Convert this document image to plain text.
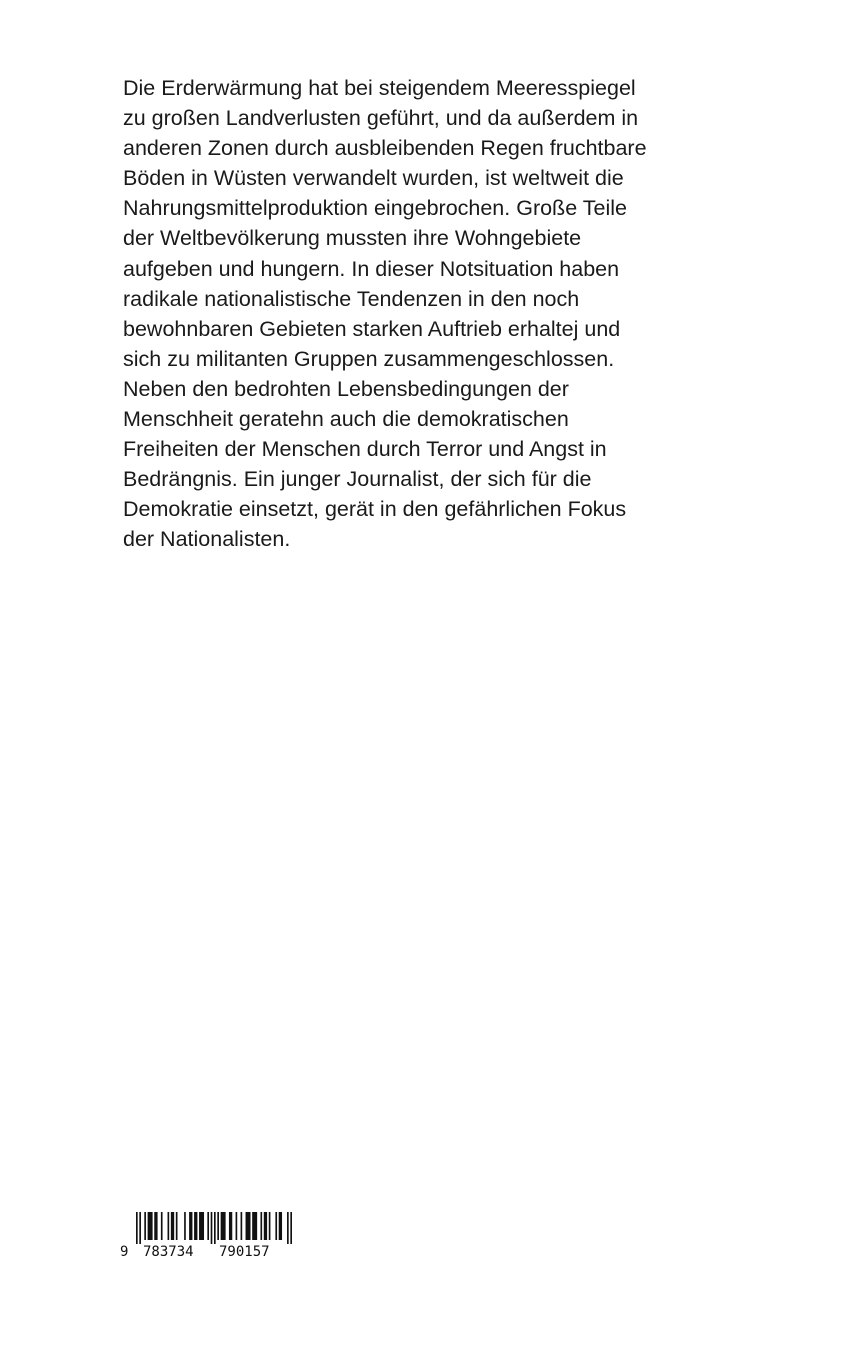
Die Erderwärmung hat bei steigendem Meeresspiegel
zu großen Landverlusten geführt, und da außerdem in
anderen Zonen durch ausbleibenden Regen fruchtbare
Böden in Wüsten verwandelt wurden, ist weltweit die
Nahrungsmittelproduktion eingebrochen. Große Teile
der Weltbevölkerung mussten ihre Wohngebiete
aufgeben und hungern. In dieser Notsituation haben
radikale nationalistische Tendenzen in den noch
bewohnbaren Gebieten starken Auftrieb erhaltej und
sich zu militanten Gruppen zusammengeschlossen.
Neben den bedrohten Lebensbedingungen der
Menschheit geratehn auch die demokratischen
Freiheiten der Menschen durch Terror und Angst in
Bedrängnis. Ein junger Journalist, der sich für die
Demokratie einsetzt, gerät in den gefährlichen Fokus
der Nationalisten.

9

783734

790157
